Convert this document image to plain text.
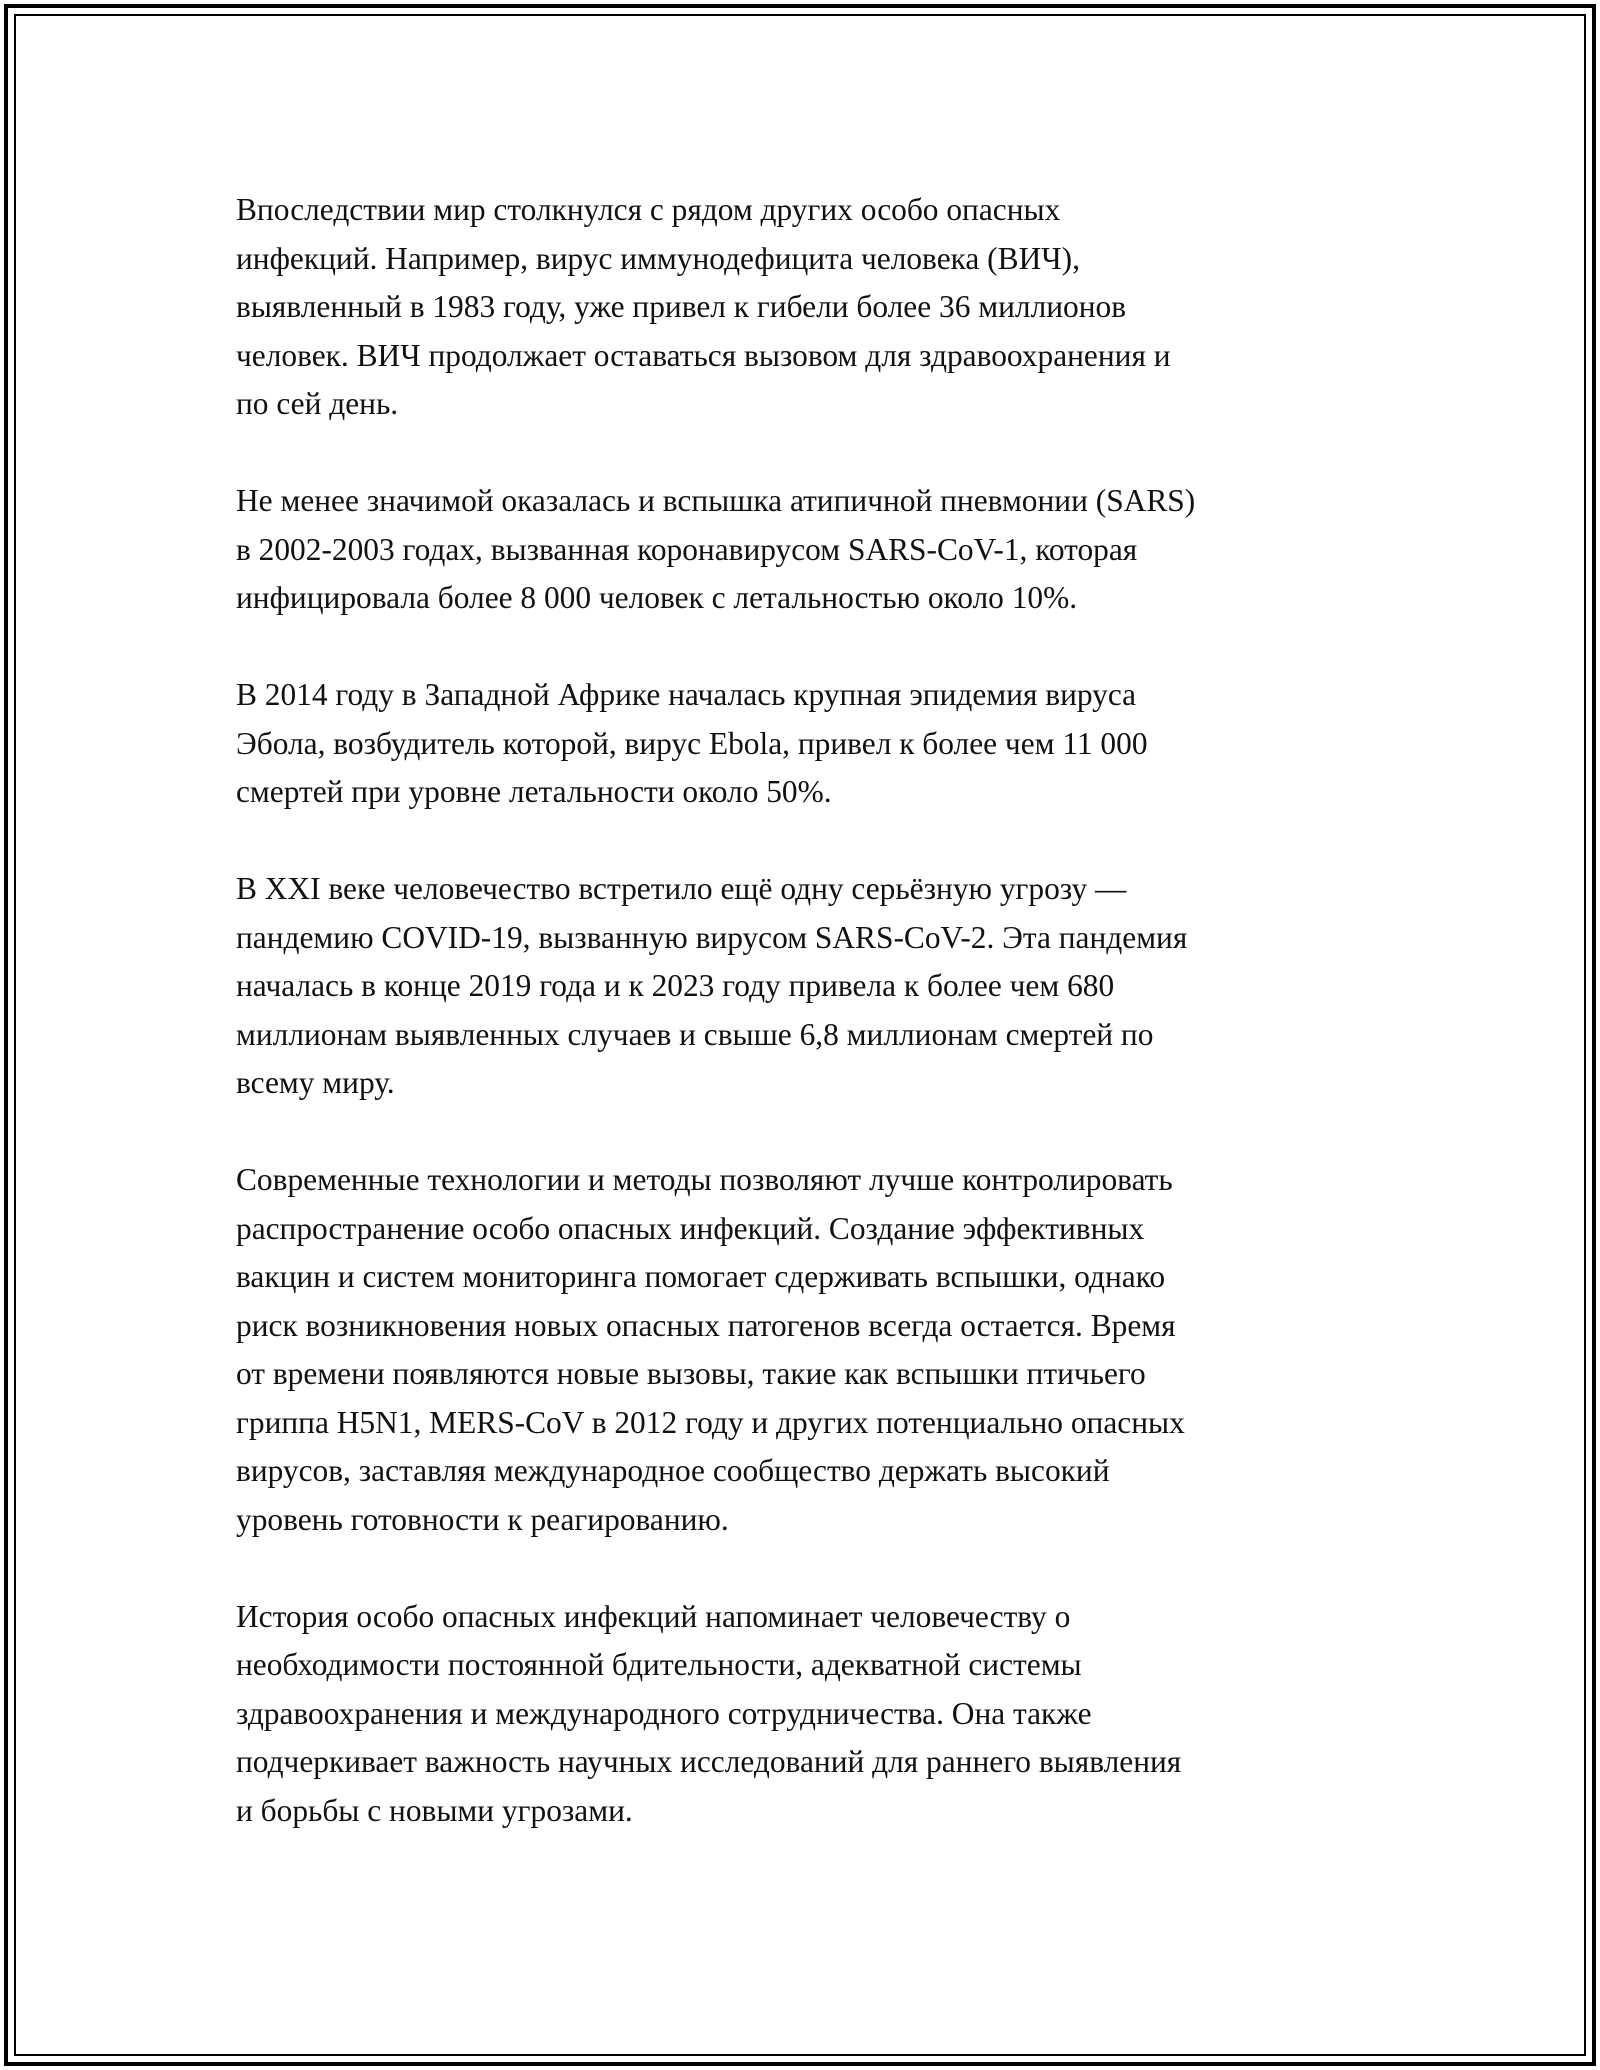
Впоследствии мир столкнулся с рядом других особо опасных
инфекций. Например, вирус иммунодефицита человека (ВИЧ),
выявленный в 1983 году, уже привел к гибели более 36 миллионов
человек. ВИЧ продолжает оставаться вызовом для здравоохранения и
по сей день.

Не менее значимой оказалась и вспышка атипичной пневмонии (SARS)
в 2002-2003 годах, вызванная коронавирусом SARS-CoV-1, которая
инфицировала более 8 000 человек с летальностью около 10%.

В 2014 году в Западной Африке началась крупная эпидемия вируса
Эбола, возбудитель которой, вирус Ebola, привел к более чем 11 000
смертей при уровне летальности около 50%.

В XXI веке человечество встретило ещё одну серьёзную угрозу —
пандемию COVID-19, вызванную вирусом SARS-CoV-2. Эта пандемия
началась в конце 2019 года и к 2023 году привела к более чем 680
миллионам выявленных случаев и свыше 6,8 миллионам смертей по
всему миру.

Современные технологии и методы позволяют лучше контролировать
распространение особо опасных инфекций. Создание эффективных
вакцин и систем мониторинга помогает сдерживать вспышки, однако
риск возникновения новых опасных патогенов всегда остается. Время
от времени появляются новые вызовы, такие как вспышки птичьего
гриппа H5N1, MERS-CoV в 2012 году и других потенциально опасных
вирусов, заставляя международное сообщество держать высокий
уровень готовности к реагированию.

История особо опасных инфекций напоминает человечеству о
необходимости постоянной бдительности, адекватной системы
здравоохранения и международного сотрудничества. Она также
подчеркивает важность научных исследований для раннего выявления
и борьбы с новыми угрозами.
